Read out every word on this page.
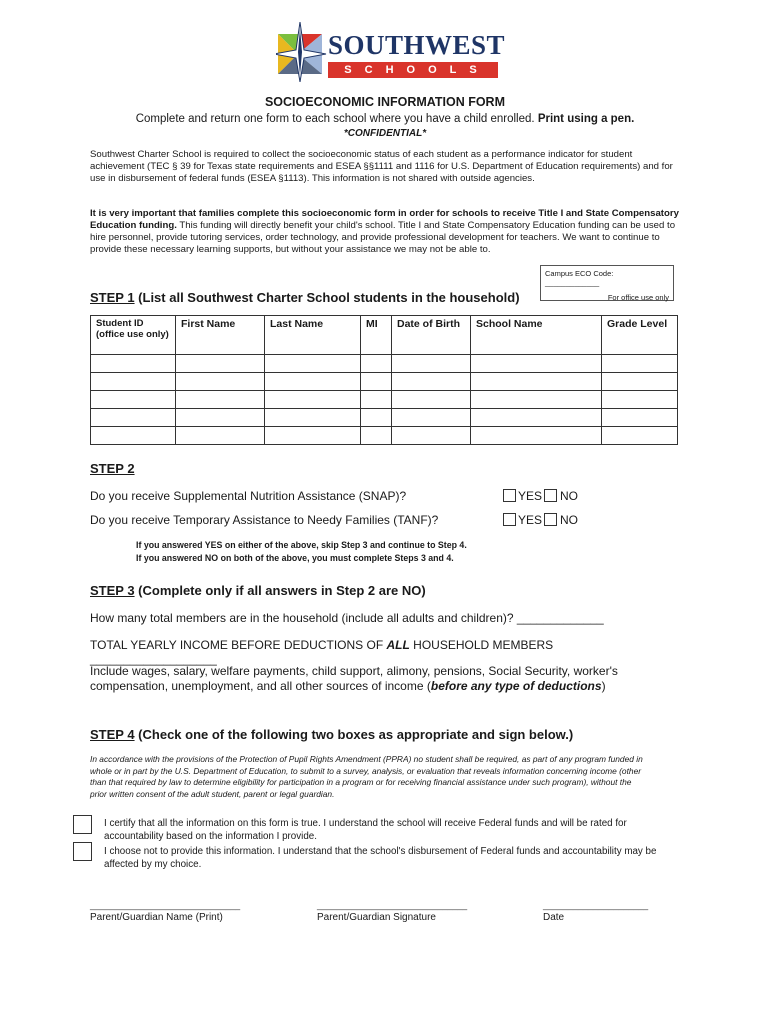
SOUTHWEST
SCHOOLS
SOCIOECONOMIC INFORMATION FORM
Complete and return one form to each school where you have a child enrolled. Print using a pen.
*CONFIDENTIAL*
Southwest Charter School is required to collect the socioeconomic status of each student as a performance indicator for student achievement (TEC § 39 for Texas state requirements and ESEA §§1111 and 1116 for U.S. Department of Education requirements) and for use in disbursement of federal funds (ESEA §1113). This information is not shared with outside agencies.
It is very important that families complete this socioeconomic form in order for schools to receive Title I and State Compensatory Education funding. This funding will directly benefit your child's school. Title I and State Compensatory Education funding can be used to hire personnel, provide tutoring services, order technology, and provide professional development for teachers. We want to continue to provide these necessary learning supports, but without your assistance we may not be able to.
Campus ECO Code: _____________
For office use only
STEP 1 (List all Southwest Charter School students in the household)
Student ID (office use only)	First Name	Last Name	MI	Date of Birth	School Name	Grade Level

STEP 2
Do you receive Supplemental Nutrition Assistance (SNAP)?	YES NO
Do you receive Temporary Assistance to Needy Families (TANF)?	YES NO
If you answered YES on either of the above, skip Step 3 and continue to Step 4.
If you answered NO on both of the above, you must complete Steps 3 and 4.
STEP 3 (Complete only if all answers in Step 2 are NO)
How many total members are in the household (include all adults and children)? _____________
TOTAL YEARLY INCOME BEFORE DEDUCTIONS OF ALL HOUSEHOLD MEMBERS ___________________
Include wages, salary, welfare payments, child support, alimony, pensions, Social Security, worker's compensation, unemployment, and all other sources of income (before any type of deductions)
STEP 4 (Check one of the following two boxes as appropriate and sign below.)
In accordance with the provisions of the Protection of Pupil Rights Amendment (PPRA) no student shall be required, as part of any program funded in whole or in part by the U.S. Department of Education, to submit to a survey, analysis, or evaluation that reveals information concerning income (other than that required by law to determine eligibility for participation in a program or for receiving financial assistance under such program), without the prior written consent of the adult student, parent or legal guardian.
I certify that all the information on this form is true. I understand the school will receive Federal funds and will be rated for accountability based on the information I provide.
I choose not to provide this information. I understand that the school's disbursement of Federal funds and accountability may be affected by my choice.
______________________________	______________________________	_____________________
Parent/Guardian Name (Print)	Parent/Guardian Signature	Date
